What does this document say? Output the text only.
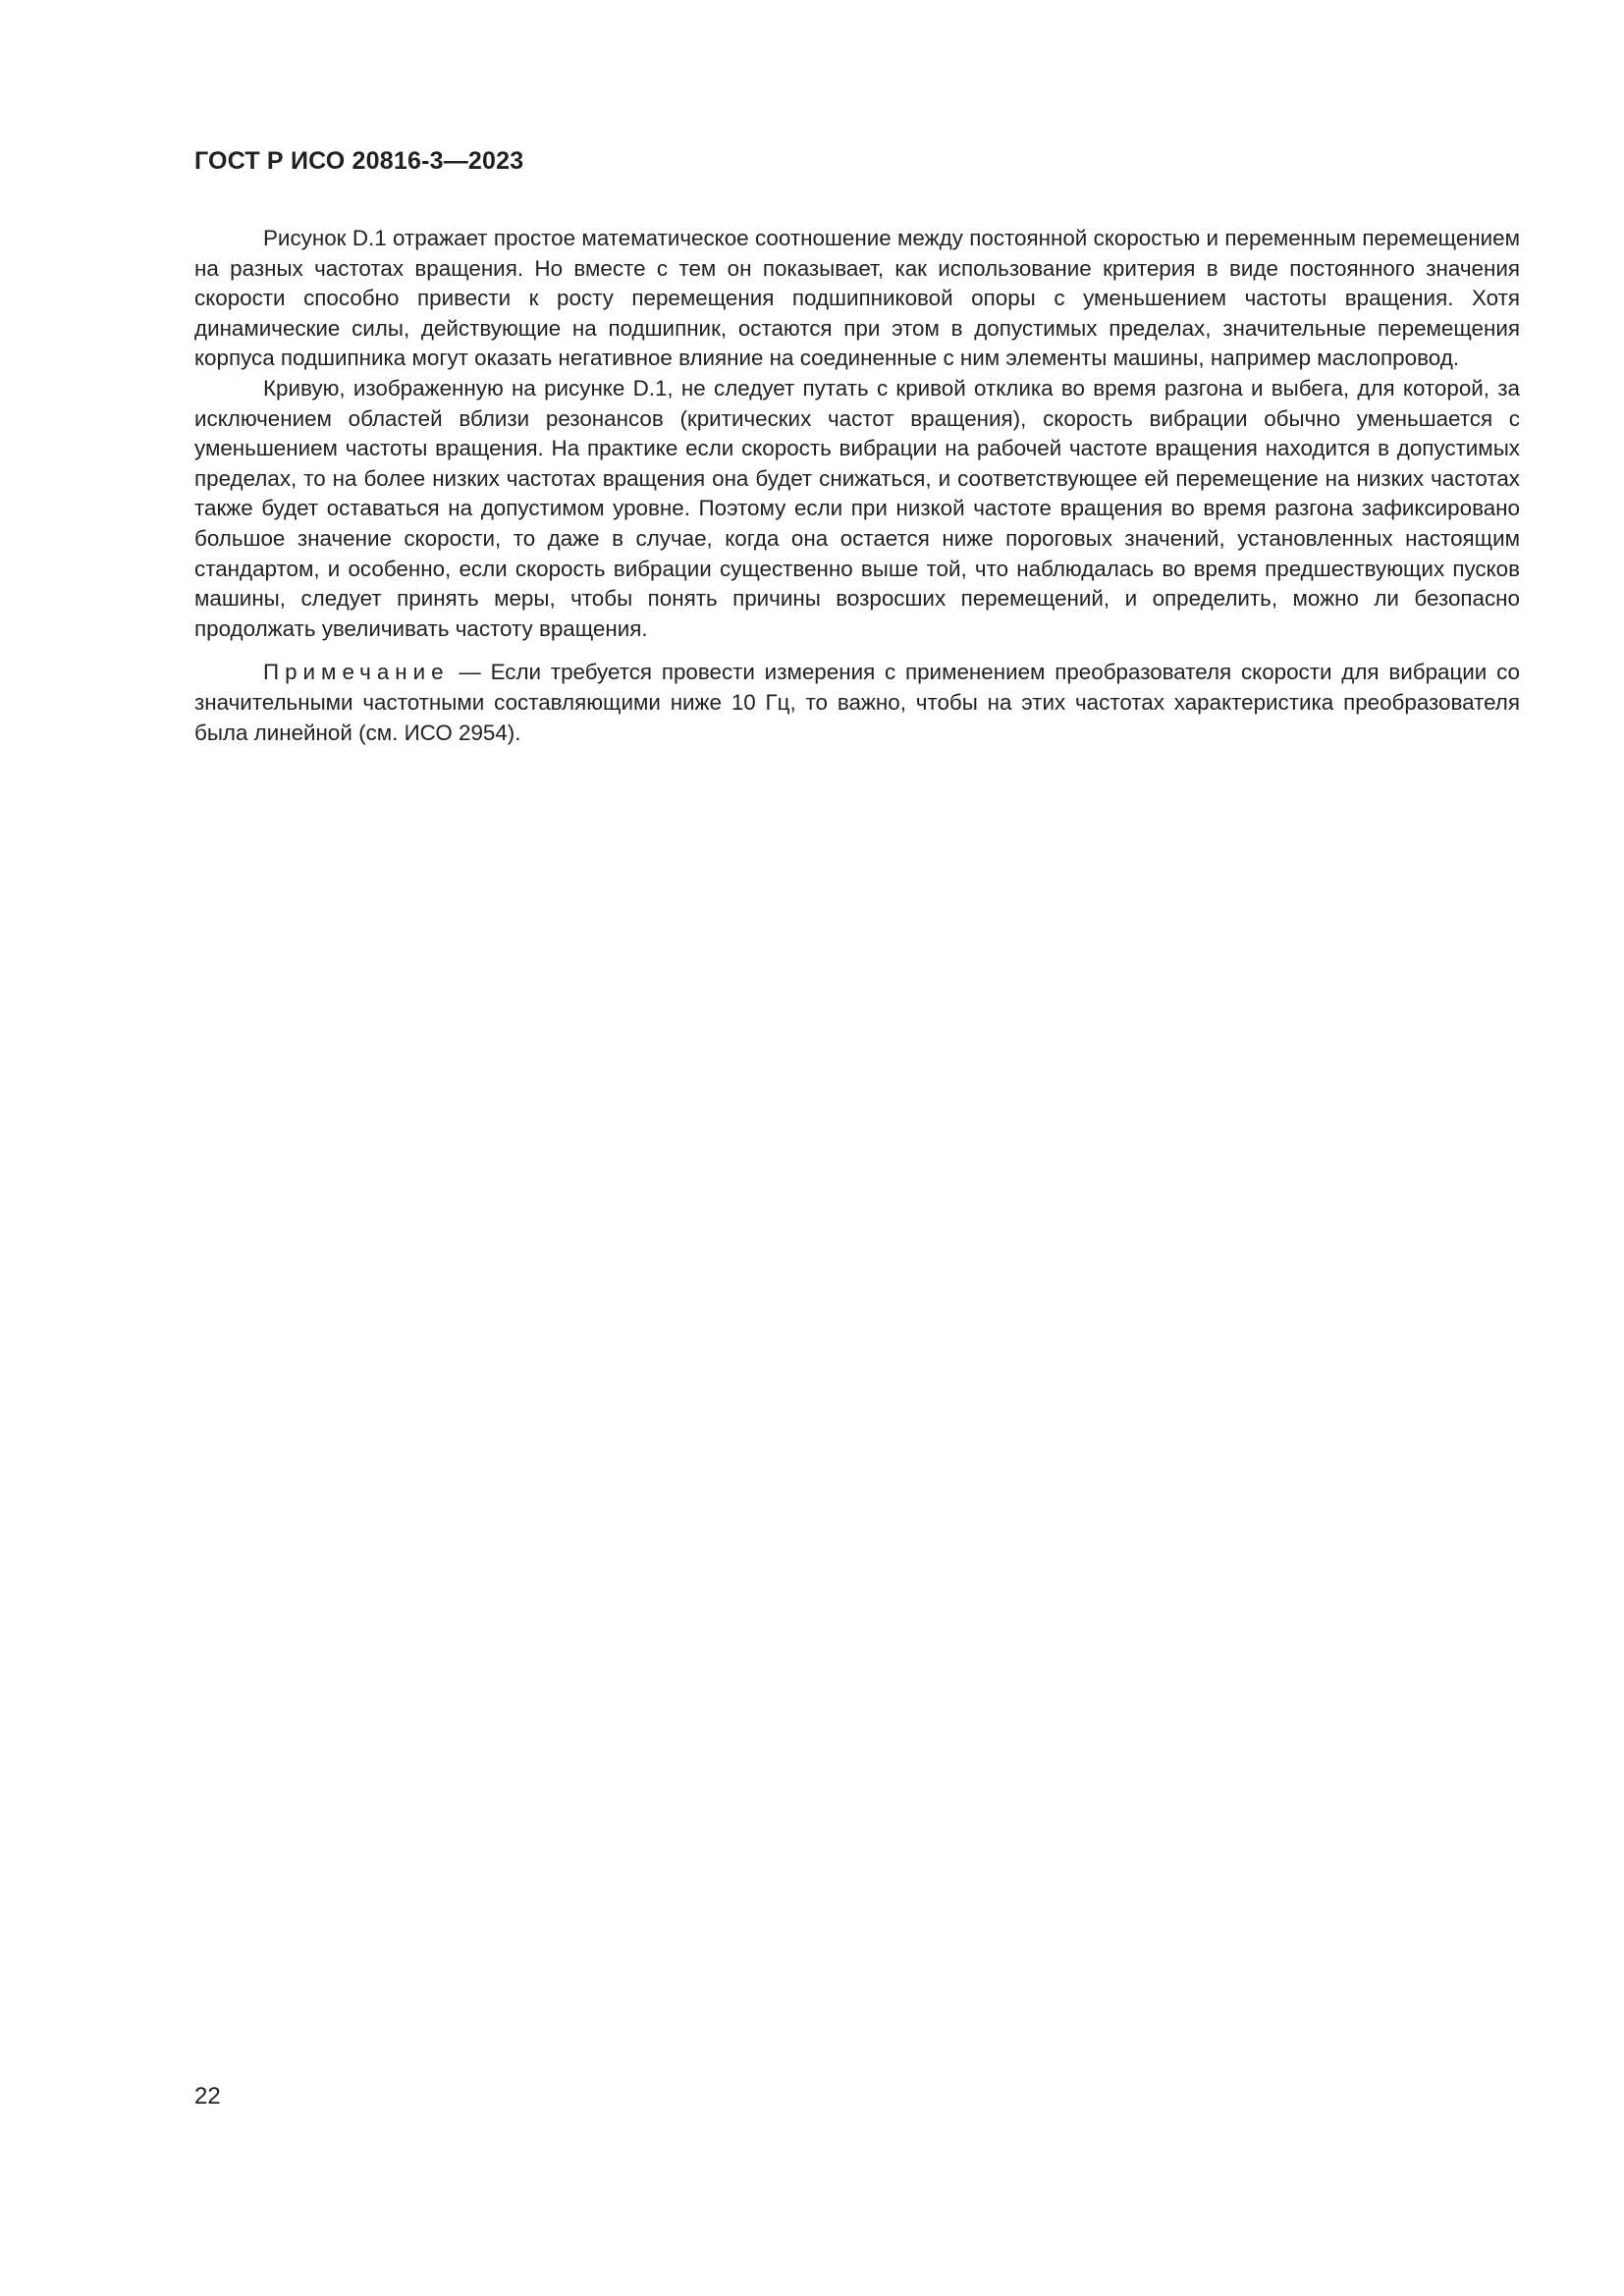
ГОСТ Р ИСО 20816-3—2023

Рисунок D.1 отражает простое математическое соотношение между постоянной скоростью и переменным перемещением на разных частотах вращения. Но вместе с тем он показывает, как использование критерия в виде постоянного значения скорости способно привести к росту перемещения подшипниковой опоры с уменьшением частоты вращения. Хотя динамические силы, действующие на подшипник, остаются при этом в допустимых пределах, значительные перемещения корпуса подшипника могут оказать негативное влияние на соединенные с ним элементы машины, например маслопровод.

Кривую, изображенную на рисунке D.1, не следует путать с кривой отклика во время разгона и выбега, для которой, за исключением областей вблизи резонансов (критических частот вращения), скорость вибрации обычно уменьшается с уменьшением частоты вращения. На практике если скорость вибрации на рабочей частоте вращения находится в допустимых пределах, то на более низких частотах вращения она будет снижаться, и соответствующее ей перемещение на низких частотах также будет оставаться на допустимом уровне. Поэтому если при низкой частоте вращения во время разгона зафиксировано большое значение скорости, то даже в случае, когда она остается ниже пороговых значений, установленных настоящим стандартом, и особенно, если скорость вибрации существенно выше той, что наблюдалась во время предшествующих пусков машины, следует принять меры, чтобы понять причины возросших перемещений, и определить, можно ли безопасно продолжать увеличивать частоту вращения.

Примечание — Если требуется провести измерения с применением преобразователя скорости для вибрации со значительными частотными составляющими ниже 10 Гц, то важно, чтобы на этих частотах характеристика преобразователя была линейной (см. ИСО 2954).

22
